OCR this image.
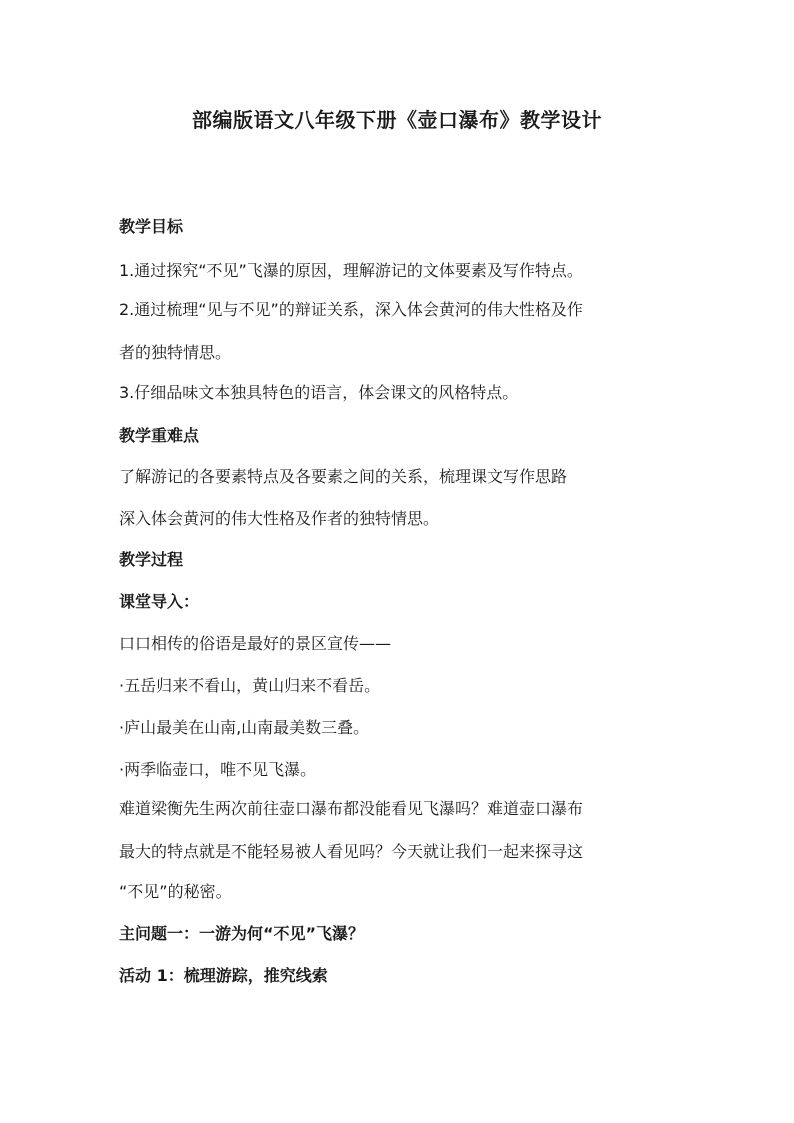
部编版语文八年级下册《壶口瀑布》教学设计
教学目标
1.通过探究“不见”飞瀑的原因，理解游记的文体要素及写作特点。
2.通过梳理“见与不见”的辩证关系，深入体会黄河的伟大性格及作
者的独特情思。
3.仔细品味文本独具特色的语言，体会课文的风格特点。
教学重难点
了解游记的各要素特点及各要素之间的关系，梳理课文写作思路
深入体会黄河的伟大性格及作者的独特情思。
教学过程
课堂导入：
口口相传的俗语是最好的景区宣传——
·五岳归来不看山，黄山归来不看岳。
·庐山最美在山南,山南最美数三叠。
·两季临壶口，唯不见飞瀑。
难道梁衡先生两次前往壶口瀑布都没能看见飞瀑吗？难道壶口瀑布
最大的特点就是不能轻易被人看见吗？今天就让我们一起来探寻这
“不见”的秘密。
主问题一：一游为何“不见”飞瀑？
活动 1：梳理游踪，推究线索
